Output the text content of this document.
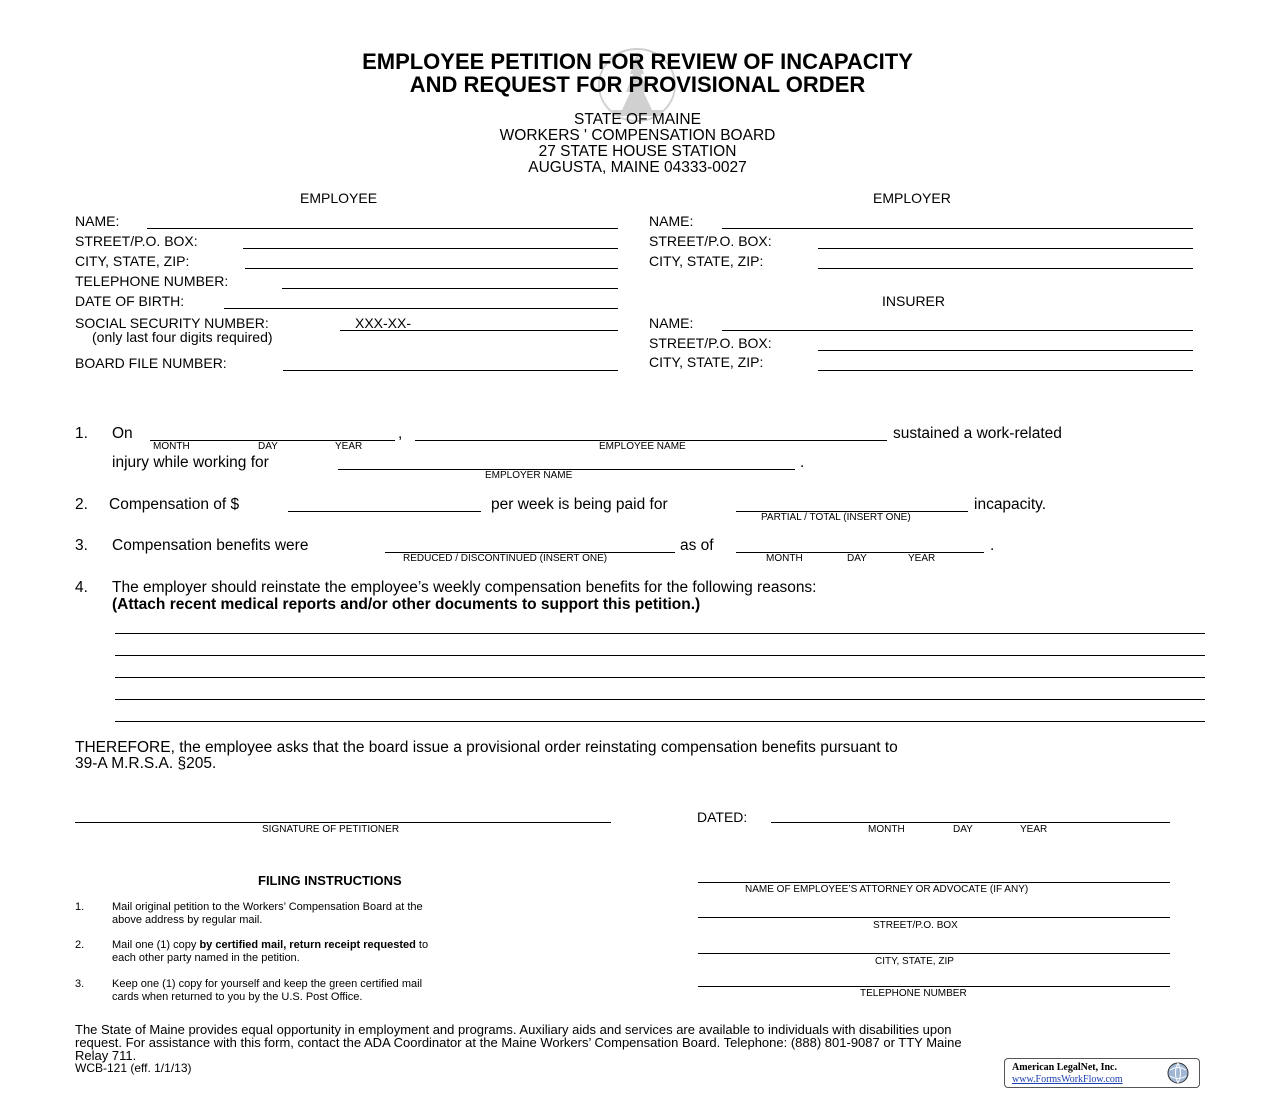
EMPLOYEE PETITION FOR REVIEW OF INCAPACITY
AND REQUEST FOR PROVISIONAL ORDER
STATE OF MAINE
WORKERS ' COMPENSATION BOARD
27 STATE HOUSE STATION
AUGUSTA, MAINE 04333-0027
EMPLOYEE
NAME:
STREET/P.O. BOX:
CITY, STATE, ZIP:
TELEPHONE NUMBER:
DATE OF BIRTH:
SOCIAL SECURITY NUMBER:	XXX-XX-
(only last four digits required)
BOARD FILE NUMBER:
EMPLOYER
NAME:
STREET/P.O. BOX:
CITY, STATE, ZIP:
INSURER
NAME:
STREET/P.O. BOX:
CITY, STATE, ZIP:
1. On
MONTH	DAY	YEAR
,
EMPLOYEE NAME
sustained a work-related
injury while working for
EMPLOYER NAME
.
2. Compensation of $	per week is being paid for
PARTIAL / TOTAL (INSERT ONE)
incapacity.
3. Compensation benefits were
REDUCED / DISCONTINUED (INSERT ONE)
as of
MONTH	DAY	YEAR
.
4. The employer should reinstate the employee’s weekly compensation benefits for the following reasons:
(Attach recent medical reports and/or other documents to support this petition.)
THEREFORE, the employee asks that the board issue a provisional order reinstating compensation benefits pursuant to
39-A M.R.S.A. §205.
SIGNATURE OF PETITIONER
DATED:
MONTH	DAY	YEAR
FILING INSTRUCTIONS
1.	Mail original petition to the Workers’ Compensation Board at the
above address by regular mail.
2.	Mail one (1) copy by certified mail, return receipt requested to
each other party named in the petition.
3.	Keep one (1) copy for yourself and keep the green certified mail
cards when returned to you by the U.S. Post Office.
NAME OF EMPLOYEE’S ATTORNEY OR ADVOCATE (IF ANY)
STREET/P.O. BOX
CITY, STATE, ZIP
TELEPHONE NUMBER
The State of Maine provides equal opportunity in employment and programs. Auxiliary aids and services are available to individuals with disabilities upon
request. For assistance with this form, contact the ADA Coordinator at the Maine Workers’ Compensation Board. Telephone: (888) 801-9087 or TTY Maine
Relay 711.
WCB-121 (eff. 1/1/13)	American LegalNet, Inc.
www.FormsWorkFlow.com
